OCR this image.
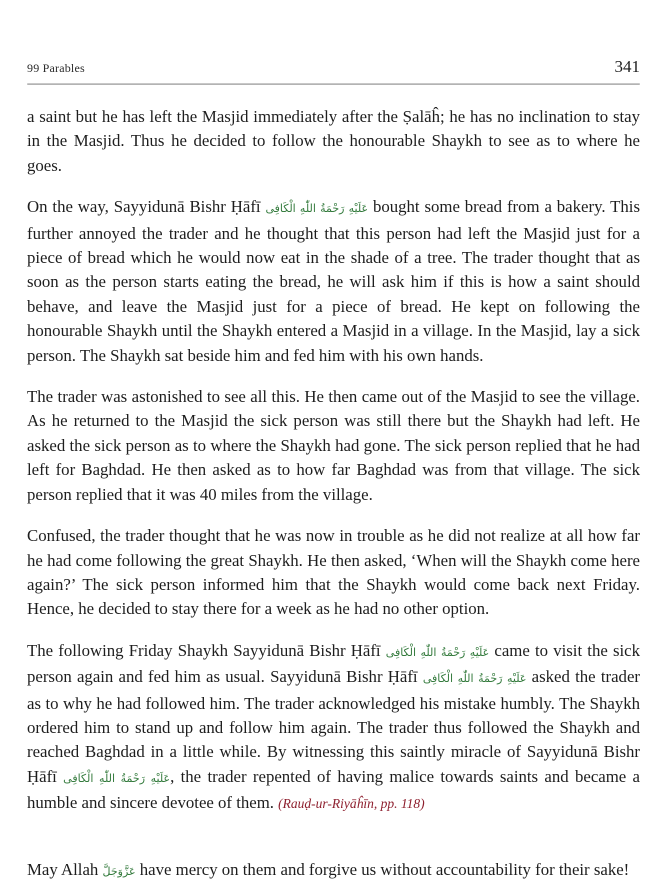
99 Parables	341

a saint but he has left the Masjid immediately after the Ṣalāĥ; he has no inclination to stay in the Masjid. Thus he decided to follow the honourable Shaykh to see as to where he goes.

On the way, Sayyidunā Bishr Ḥāfī عَلَيْهِ رَحْمَةُ اللّٰهِ الْكَافِى bought some bread from a bakery. This further annoyed the trader and he thought that this person had left the Masjid just for a piece of bread which he would now eat in the shade of a tree. The trader thought that as soon as the person starts eating the bread, he will ask him if this is how a saint should behave, and leave the Masjid just for a piece of bread. He kept on following the honourable Shaykh until the Shaykh entered a Masjid in a village. In the Masjid, lay a sick person. The Shaykh sat beside him and fed him with his own hands.

The trader was astonished to see all this. He then came out of the Masjid to see the village. As he returned to the Masjid the sick person was still there but the Shaykh had left. He asked the sick person as to where the Shaykh had gone. The sick person replied that he had left for Baghdad. He then asked as to how far Baghdad was from that village. The sick person replied that it was 40 miles from the village.

Confused, the trader thought that he was now in trouble as he did not realize at all how far he had come following the great Shaykh. He then asked, ‘When will the Shaykh come here again?’ The sick person informed him that the Shaykh would come back next Friday. Hence, he decided to stay there for a week as he had no other option.

The following Friday Shaykh Sayyidunā Bishr Ḥāfī عَلَيْهِ رَحْمَةُ اللّٰهِ الْكَافِى came to visit the sick person again and fed him as usual. Sayyidunā Bishr Ḥāfī عَلَيْهِ رَحْمَةُ اللّٰهِ الْكَافِى asked the trader as to why he had followed him. The trader acknowledged his mistake humbly. The Shaykh ordered him to stand up and follow him again. The trader thus followed the Shaykh and reached Baghdad in a little while. By witnessing this saintly miracle of Sayyidunā Bishr Ḥāfī عَلَيْهِ رَحْمَةُ اللّٰهِ الْكَافِى, the trader repented of having malice towards saints and became a humble and sincere devotee of them. (Rauḍ-ur-Riyāĥīn, pp. 118)

May Allah عَزَّوَجَلَّ have mercy on them and forgive us without accountability for their sake!
